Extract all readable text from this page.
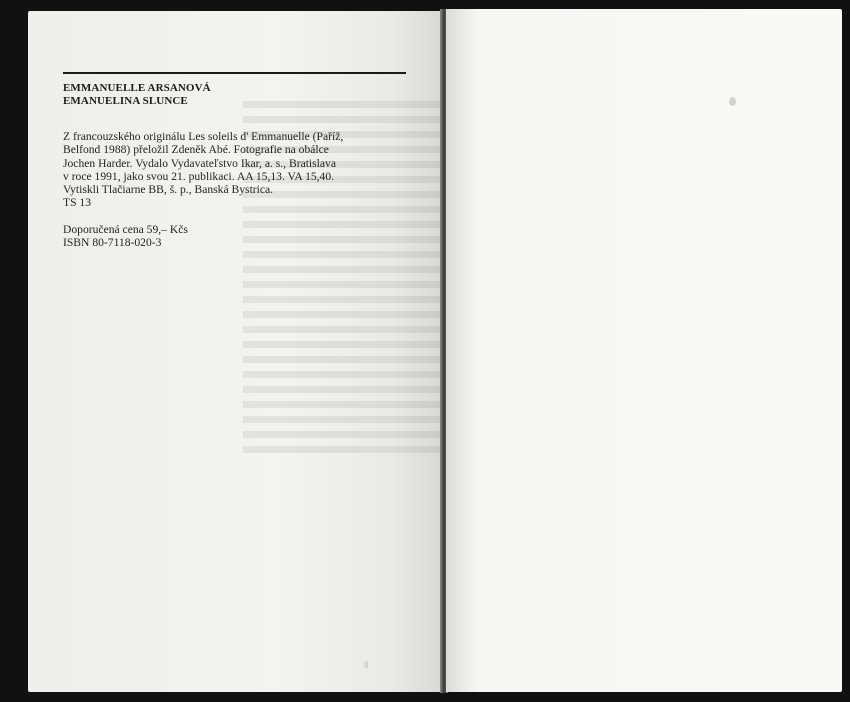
EMMANUELLE ARSANOVÁ
EMANUELINA SLUNCE
Z francouzského originálu Les soleils d' Emmanuelle (Paříž,
Belfond 1988) přeložil Zdeněk Abé. Fotografie na obálce
Jochen Harder. Vydalo Vydavateľstvo Ikar, a. s., Bratislava
v roce 1991, jako svou 21. publikaci. AA 15,13. VA 15,40.
Vytiskli Tlačiarne BB, š. p., Banská Bystrica.
TS 13
Doporučená cena 59,– Kčs
ISBN 80-7118-020-3
8
